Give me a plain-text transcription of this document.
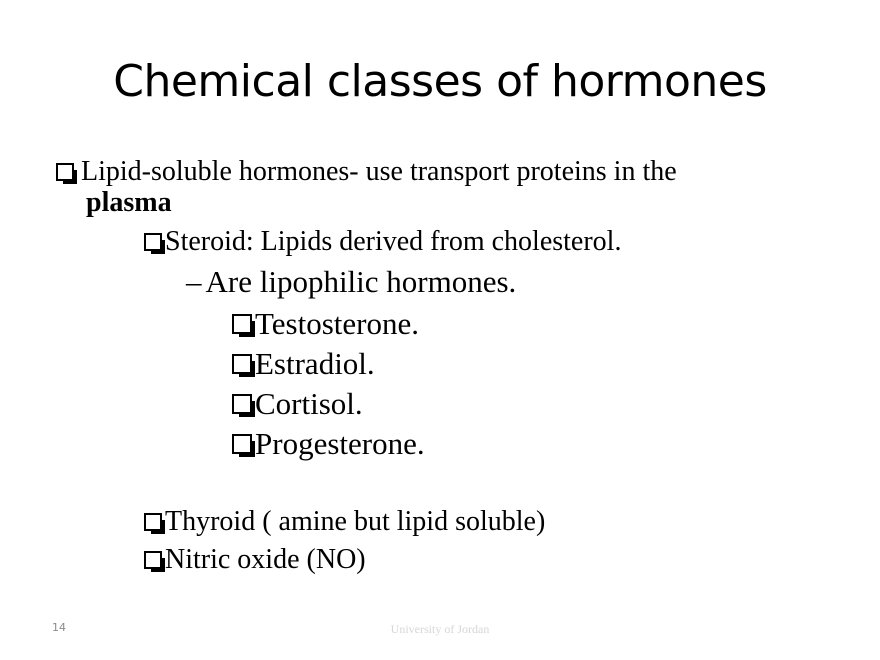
Chemical classes of hormones
Lipid-soluble hormones- use transport proteins in the
plasma
Steroid: Lipids derived from cholesterol.
– Are lipophilic hormones.
Testosterone.
Estradiol.
Cortisol.
Progesterone.
Thyroid ( amine but lipid soluble)
Nitric oxide (NO)
14	University of Jordan
